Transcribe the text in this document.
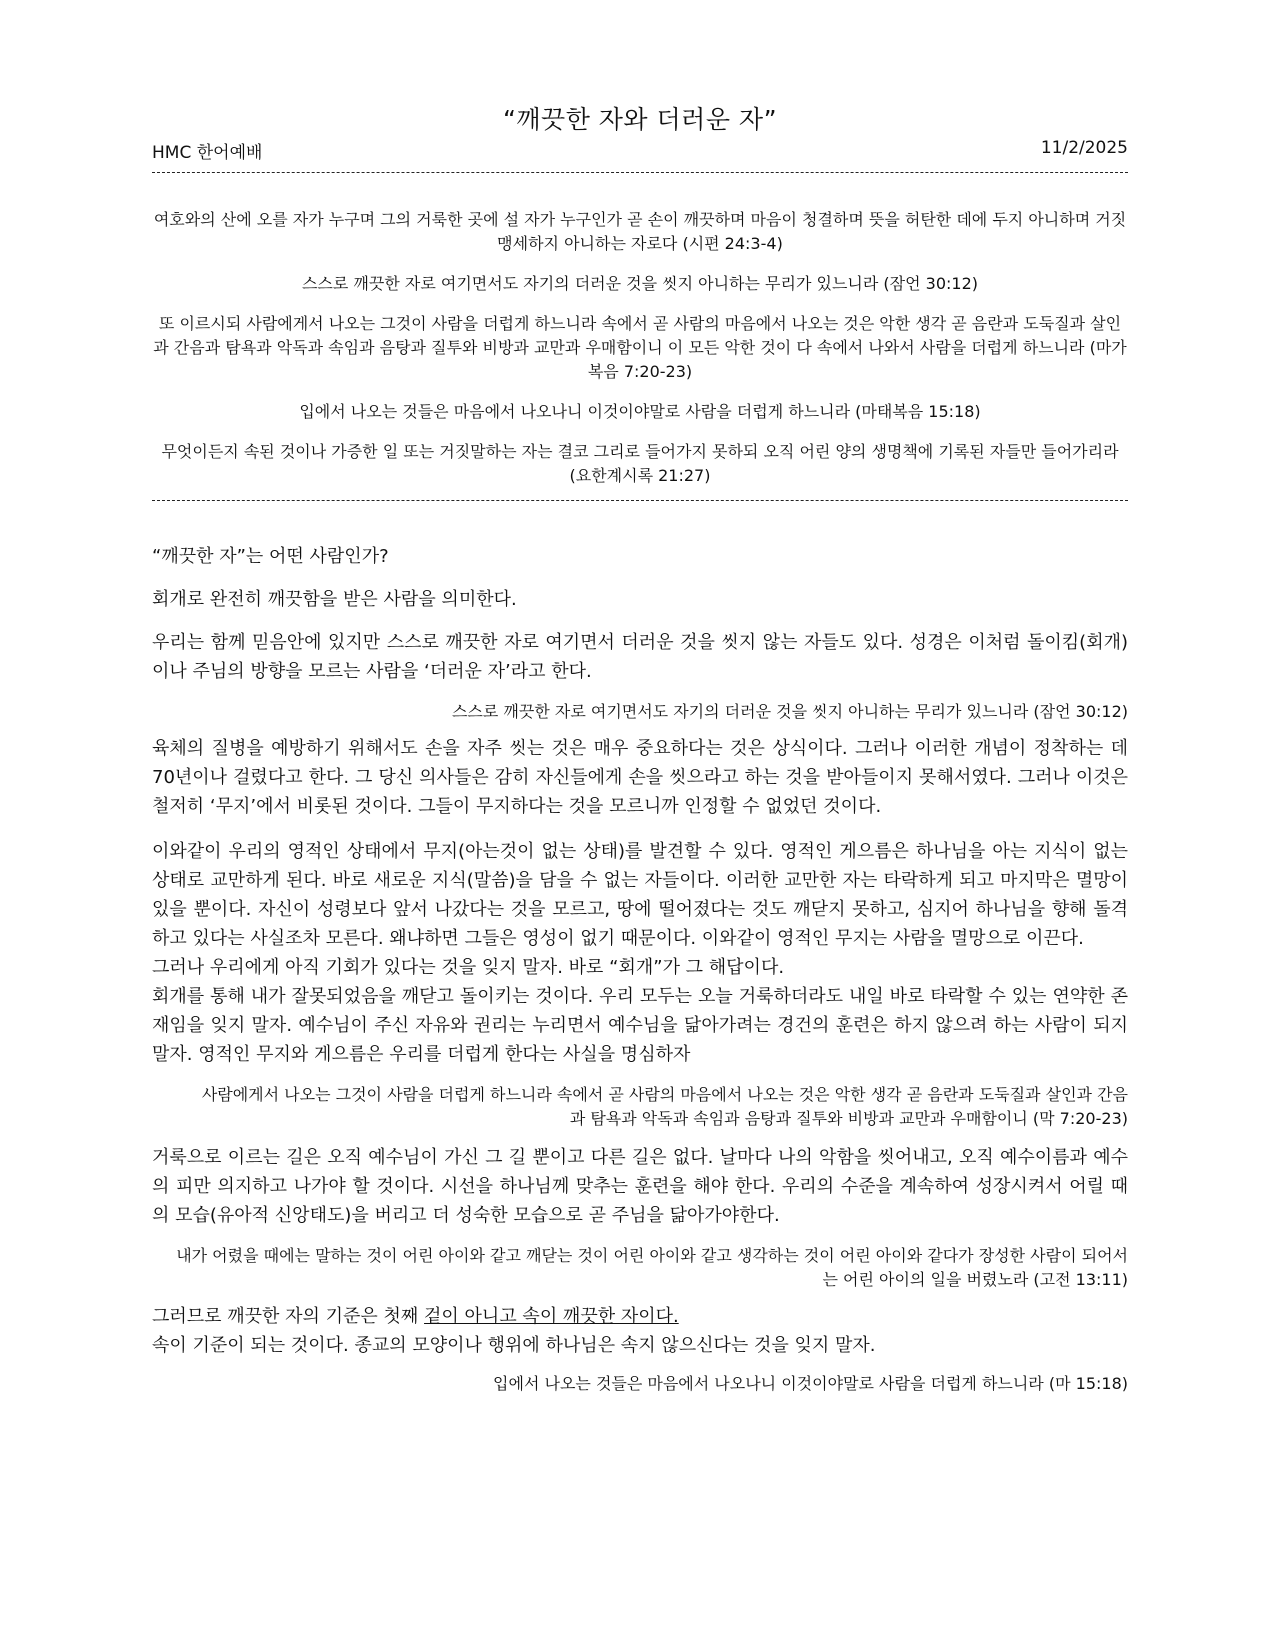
“깨끗한 자와 더러운 자”
HMC 한어예배	11/2/2025

여호와의 산에 오를 자가 누구며 그의 거룩한 곳에 설 자가 누구인가 곧 손이 깨끗하며 마음이 청결하며 뜻을 허탄한 데에 두지 아니하며 거짓 맹세하지 아니하는 자로다 (시편 24:3-4)

스스로 깨끗한 자로 여기면서도 자기의 더러운 것을 씻지 아니하는 무리가 있느니라 (잠언 30:12)

또 이르시되 사람에게서 나오는 그것이 사람을 더럽게 하느니라 속에서 곧 사람의 마음에서 나오는 것은 악한 생각 곧 음란과 도둑질과 살인과 간음과 탐욕과 악독과 속임과 음탕과 질투와 비방과 교만과 우매함이니 이 모든 악한 것이 다 속에서 나와서 사람을 더럽게 하느니라 (마가복음 7:20-23)

입에서 나오는 것들은 마음에서 나오나니 이것이야말로 사람을 더럽게 하느니라 (마태복음 15:18)

무엇이든지 속된 것이나 가증한 일 또는 거짓말하는 자는 결코 그리로 들어가지 못하되 오직 어린 양의 생명책에 기록된 자들만 들어가리라 (요한계시록 21:27)

“깨끗한 자”는 어떤 사람인가?

회개로 완전히 깨끗함을 받은 사람을 의미한다.

우리는 함께 믿음안에 있지만 스스로 깨끗한 자로 여기면서 더러운 것을 씻지 않는 자들도 있다. 성경은 이처럼 돌이킴(회개)이나 주님의 방향을 모르는 사람을 ‘더러운 자’라고 한다.

스스로 깨끗한 자로 여기면서도 자기의 더러운 것을 씻지 아니하는 무리가 있느니라 (잠언 30:12)

육체의 질병을 예방하기 위해서도 손을 자주 씻는 것은 매우 중요하다는 것은 상식이다. 그러나 이러한 개념이 정착하는 데 70년이나 걸렸다고 한다. 그 당신 의사들은 감히 자신들에게 손을 씻으라고 하는 것을 받아들이지 못해서였다. 그러나 이것은 철저히 ‘무지’에서 비롯된 것이다. 그들이 무지하다는 것을 모르니까 인정할 수 없었던 것이다.

이와같이 우리의 영적인 상태에서 무지(아는것이 없는 상태)를 발견할 수 있다. 영적인 게으름은 하나님을 아는 지식이 없는 상태로 교만하게 된다. 바로 새로운 지식(말씀)을 담을 수 없는 자들이다. 이러한 교만한 자는 타락하게 되고 마지막은 멸망이 있을 뿐이다. 자신이 성령보다 앞서 나갔다는 것을 모르고, 땅에 떨어졌다는 것도 깨닫지 못하고, 심지어 하나님을 향해 돌격하고 있다는 사실조차 모른다. 왜냐하면 그들은 영성이 없기 때문이다. 이와같이 영적인 무지는 사람을 멸망으로 이끈다.

그러나 우리에게 아직 기회가 있다는 것을 잊지 말자. 바로 “회개”가 그 해답이다.

회개를 통해 내가 잘못되었음을 깨닫고 돌이키는 것이다. 우리 모두는 오늘 거룩하더라도 내일 바로 타락할 수 있는 연약한 존재임을 잊지 말자. 예수님이 주신 자유와 권리는 누리면서 예수님을 닮아가려는 경건의 훈련은 하지 않으려 하는 사람이 되지말자. 영적인 무지와 게으름은 우리를 더럽게 한다는 사실을 명심하자

사람에게서 나오는 그것이 사람을 더럽게 하느니라 속에서 곧 사람의 마음에서 나오는 것은 악한 생각 곧 음란과 도둑질과 살인과 간음과 탐욕과 악독과 속임과 음탕과 질투와 비방과 교만과 우매함이니 (막 7:20-23)

거룩으로 이르는 길은 오직 예수님이 가신 그 길 뿐이고 다른 길은 없다. 날마다 나의 악함을 씻어내고, 오직 예수이름과 예수의 피만 의지하고 나가야 할 것이다. 시선을 하나님께 맞추는 훈련을 해야 한다. 우리의 수준을 계속하여 성장시켜서 어릴 때의 모습(유아적 신앙태도)을 버리고 더 성숙한 모습으로 곧 주님을 닮아가야한다.

내가 어렸을 때에는 말하는 것이 어린 아이와 같고 깨닫는 것이 어린 아이와 같고 생각하는 것이 어린 아이와 같다가 장성한 사람이 되어서는 어린 아이의 일을 버렸노라 (고전 13:11)

그러므로 깨끗한 자의 기준은 첫째 겉이 아니고 속이 깨끗한 자이다.

속이 기준이 되는 것이다. 종교의 모양이나 행위에 하나님은 속지 않으신다는 것을 잊지 말자.

입에서 나오는 것들은 마음에서 나오나니 이것이야말로 사람을 더럽게 하느니라 (마 15:18)
